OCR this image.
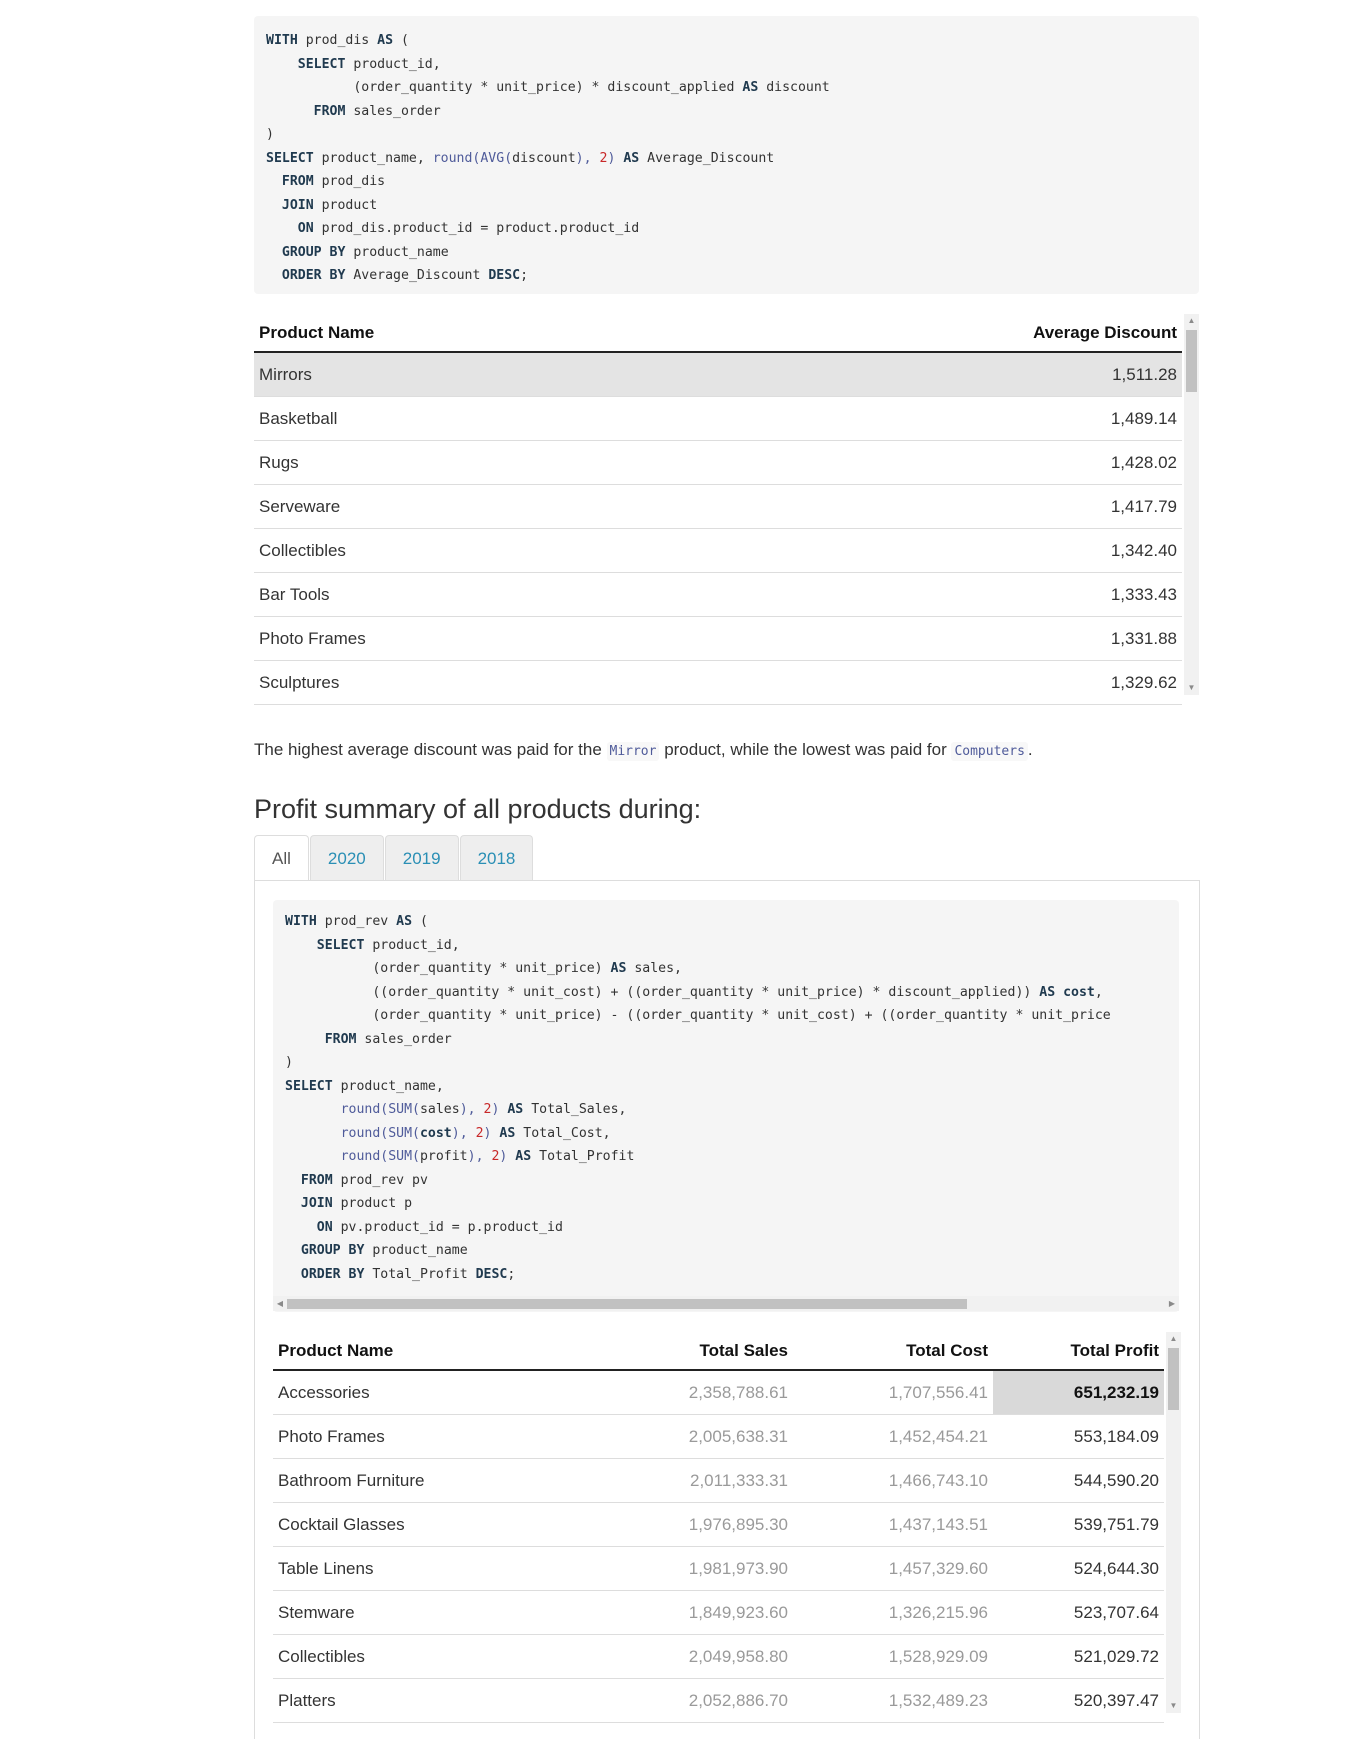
WITH prod_dis AS (
SELECT product_id,
(order_quantity * unit_price) * discount_applied AS discount
FROM sales_order
)
SELECT product_name, round(AVG(discount), 2) AS Average_Discount
FROM prod_dis
JOIN product
ON prod_dis.product_id = product.product_id
GROUP BY product_name
ORDER BY Average_Discount DESC;
Product Name	Average Discount
Mirrors	1,511.28
Basketball	1,489.14
Rugs	1,428.02
Serveware	1,417.79
Collectibles	1,342.40
Bar Tools	1,333.43
Photo Frames	1,331.88
Sculptures	1,329.62
▲
▼

The highest average discount was paid for the Mirror product, while the lowest was paid for Computers .

Profit summary of all products during:
All	2020	2019	2018
WITH prod_rev AS (
SELECT product_id,
(order_quantity * unit_price) AS sales,
((order_quantity * unit_cost) + ((order_quantity * unit_price) * discount_applied)) AS cost,
(order_quantity * unit_price) - ((order_quantity * unit_cost) + ((order_quantity * unit_price
FROM sales_order
)
SELECT product_name,
round(SUM(sales), 2) AS Total_Sales,
round(SUM(cost), 2) AS Total_Cost,
round(SUM(profit), 2) AS Total_Profit
FROM prod_rev pv
JOIN product p
ON pv.product_id = p.product_id
GROUP BY product_name
ORDER BY Total_Profit DESC;
◀	▶
Product Name	Total Sales	Total Cost	Total Profit
Accessories	2,358,788.61	1,707,556.41	651,232.19
Photo Frames	2,005,638.31	1,452,454.21	553,184.09
Bathroom Furniture	2,011,333.31	1,466,743.10	544,590.20
Cocktail Glasses	1,976,895.30	1,437,143.51	539,751.79
Table Linens	1,981,973.90	1,457,329.60	524,644.30
Stemware	1,849,923.60	1,326,215.96	523,707.64
Collectibles	2,049,958.80	1,528,929.09	521,029.72
Platters	2,052,886.70	1,532,489.23	520,397.47
▲
▼
